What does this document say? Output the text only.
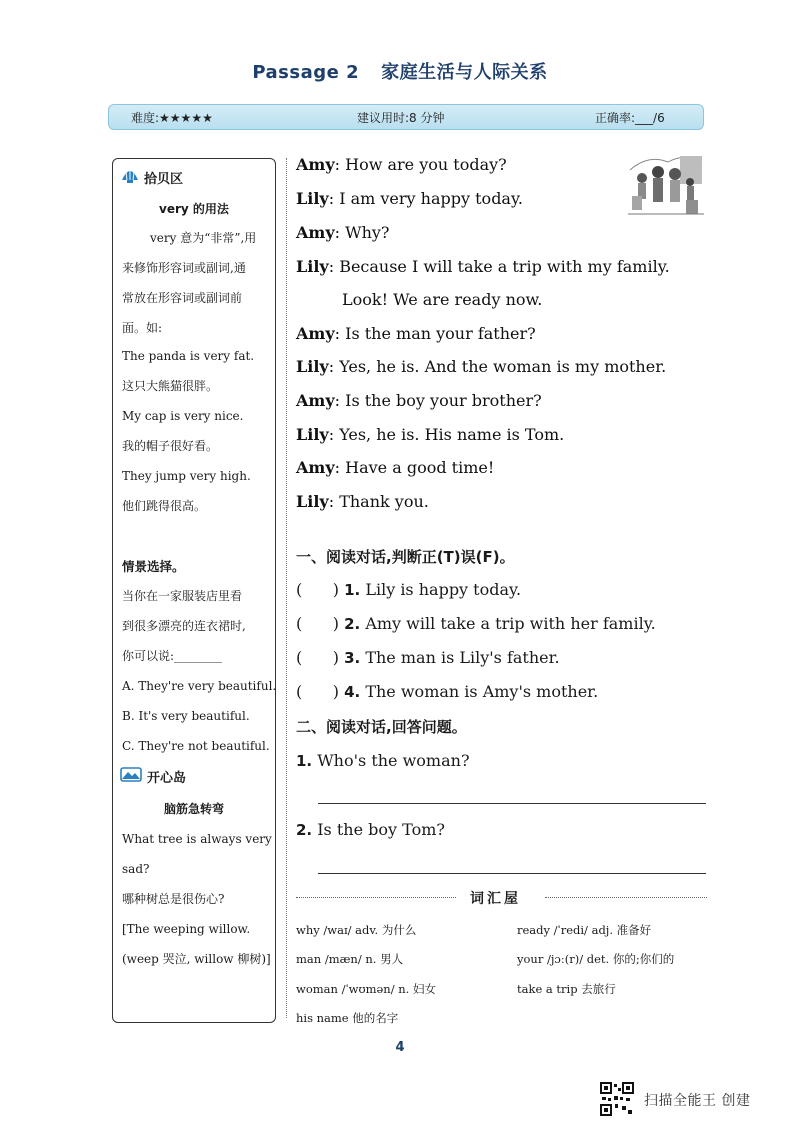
Passage 2 家庭生活与人际关系
难度:★★★★★	建议用时:8 分钟	正确率:___/6
拾贝区
very 的用法
very 意为“非常”,用
来修饰形容词或副词,通
常放在形容词或副词前
面。如:
The panda is very fat.
这只大熊猫很胖。
My cap is very nice.
我的帽子很好看。
They jump very high.
他们跳得很高。
情景选择。
当你在一家服装店里看
到很多漂亮的连衣裙时,
你可以说:________
A. They're very beautiful.
B. It's very beautiful.
C. They're not beautiful.
开心岛
脑筋急转弯
What tree is always very
sad?
哪种树总是很伤心?
[The weeping willow.
(weep 哭泣, willow 柳树)]
Amy: How are you today?
Lily: I am very happy today.
Amy: Why?
Lily: Because I will take a trip with my family.
Look! We are ready now.
Amy: Is the man your father?
Lily: Yes, he is. And the woman is my mother.
Amy: Is the boy your brother?
Lily: Yes, he is. His name is Tom.
Amy: Have a good time!
Lily: Thank you.
一、阅读对话,判断正(T)误(F)。
(      ) 1. Lily is happy today.
(      ) 2. Amy will take a trip with her family.
(      ) 3. The man is Lily's father.
(      ) 4. The woman is Amy's mother.
二、阅读对话,回答问题。
1. Who's the woman?
2. Is the boy Tom?
词汇屋
why /waɪ/ adv. 为什么
man /mæn/ n. 男人
woman /ˈwʊmən/ n. 妇女
his name 他的名字
ready /ˈredi/ adj. 准备好
your /jɔː(r)/ det. 你的;你们的
take a trip 去旅行
4
扫描全能王 创建
